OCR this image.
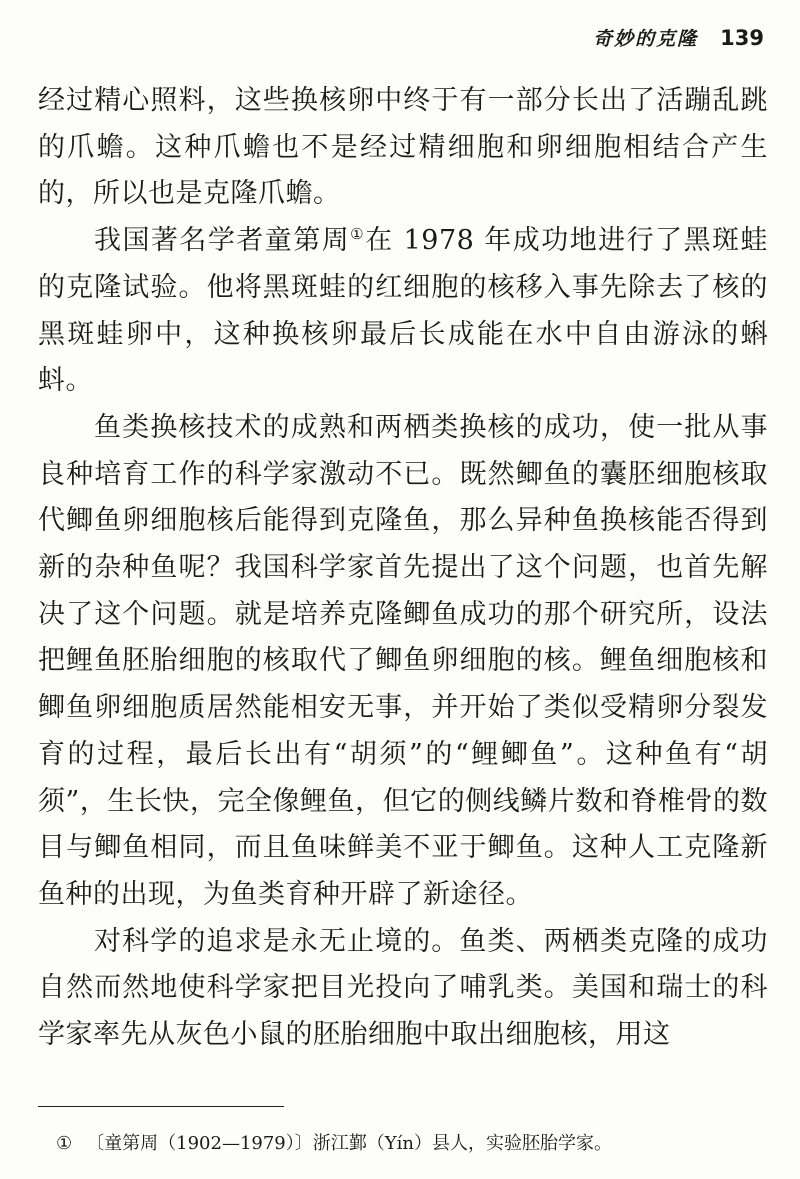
奇妙的克隆 139

经过精心照料，这些换核卵中终于有一部分长出了活蹦乱跳的爪蟾。这种爪蟾也不是经过精细胞和卵细胞相结合产生的，所以也是克隆爪蟾。

我国著名学者童第周①在 1978 年成功地进行了黑斑蛙的克隆试验。他将黑斑蛙的红细胞的核移入事先除去了核的黑斑蛙卵中，这种换核卵最后长成能在水中自由游泳的蝌蚪。

鱼类换核技术的成熟和两栖类换核的成功，使一批从事良种培育工作的科学家激动不已。既然鲫鱼的囊胚细胞核取代鲫鱼卵细胞核后能得到克隆鱼，那么异种鱼换核能否得到新的杂种鱼呢？我国科学家首先提出了这个问题，也首先解决了这个问题。就是培养克隆鲫鱼成功的那个研究所，设法把鲤鱼胚胎细胞的核取代了鲫鱼卵细胞的核。鲤鱼细胞核和鲫鱼卵细胞质居然能相安无事，并开始了类似受精卵分裂发育的过程，最后长出有“胡须”的“鲤鲫鱼”。这种鱼有“胡须”，生长快，完全像鲤鱼，但它的侧线鳞片数和脊椎骨的数目与鲫鱼相同，而且鱼味鲜美不亚于鲫鱼。这种人工克隆新鱼种的出现，为鱼类育种开辟了新途径。

对科学的追求是永无止境的。鱼类、两栖类克隆的成功自然而然地使科学家把目光投向了哺乳类。美国和瑞士的科学家率先从灰色小鼠的胚胎细胞中取出细胞核，用这

① 〔童第周（1902—1979）〕浙江鄞（Yín）县人，实验胚胎学家。
